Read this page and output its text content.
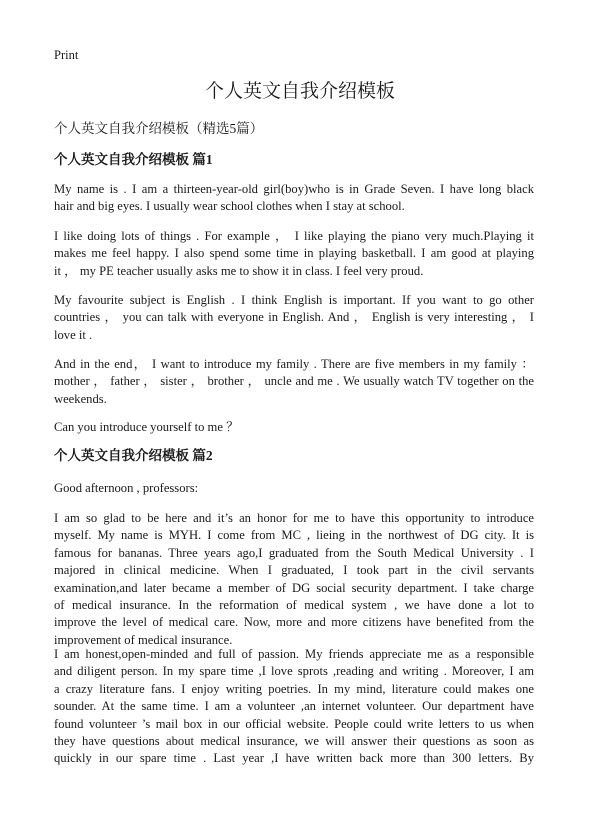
Print
个人英文自我介绍模板
个人英文自我介绍模板（精选5篇）
个人英文自我介绍模板 篇1
My name is . I am a thirteen-year-old girl(boy)who is in Grade Seven. I have long black
hair and big eyes. I usually wear school clothes when I stay at school.
I like doing lots of things . For example ， I like playing the piano very much.Playing it
makes me feel happy. I also spend some time in playing basketball. I am good at playing
it ， my PE teacher usually asks me to show it in class. I feel very proud.
My favourite subject is English . I think English is important. If you want to go other
countries ， you can talk with everyone in English. And ， English is very interesting ， I
love it .
And in the end， I want to introduce my family . There are five members in my family ：
mother ， father ， sister ， brother ， uncle and me . We usually watch TV together on the
weekends.
Can you introduce yourself to me ？
个人英文自我介绍模板 篇2
Good afternoon , professors:
I am so glad to be here and it’s an honor for me to have this opportunity to introduce
myself. My name is MYH. I come from MC , lieing in the northwest of DG city. It is
famous for bananas. Three years ago,I graduated from the South Medical University . I
majored in clinical medicine. When I graduated, I took part in the civil servants
examination,and later became a member of DG social security department. I take charge
of medical insurance. In the reformation of medical system , we have done a lot to
improve the level of medical care. Now, more and more citizens have benefited from the
improvement of medical insurance.
I am honest,open-minded and full of passion. My friends appreciate me as a responsible
and diligent person. In my spare time ,I love sprots ,reading and writing . Moreover, I am
a crazy literature fans. I enjoy writing poetries. In my mind, literature could makes one
sounder. At the same time. I am a volunteer ,an internet volunteer. Our department have
found volunteer ’s mail box in our official website. People could write letters to us when
they have questions about medical insurance, we will answer their questions as soon as
quickly in our spare time . Last year ,I have written back more than 300 letters. By
